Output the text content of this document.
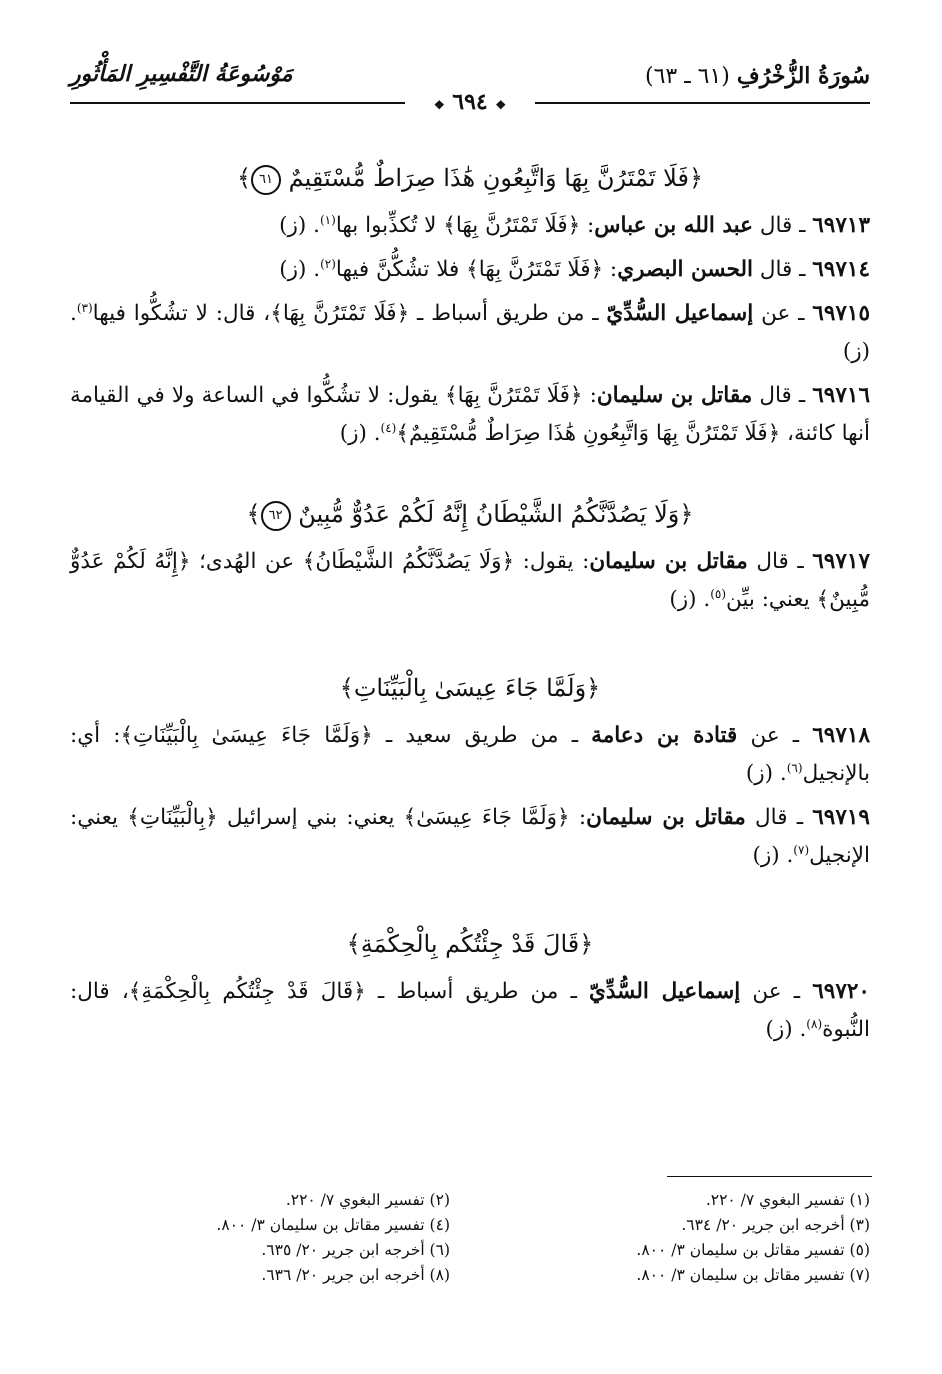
سُورَةُ الزُّخْرُفِ (٦١ ـ ٦٣)
مَوْسُوعَةُ التَّفْسِيرِ المَأْثُورِ
❖ ٦٩٤ ❖
﴿فَلَا تَمْتَرُنَّ بِهَا وَاتَّبِعُونِ هَٰذَا صِرَاطٌ مُّسْتَقِيمٌ ٦١﴾

٦٩٧١٣ ـ قال عبد الله بن عباس: ﴿فَلَا تَمْتَرُنَّ بِهَا﴾ لا تُكذِّبوا بها$^{(١)}$. (ز)

٦٩٧١٤ ـ قال الحسن البصري: ﴿فَلَا تَمْتَرُنَّ بِهَا﴾ فلا تشُكُّنَّ فيها$^{(٢)}$. (ز)

٦٩٧١٥ ـ عن إسماعيل السُّدِّيّ ـ من طريق أسباط ـ ﴿فَلَا تَمْتَرُنَّ بِهَا﴾، قال: لا تشُكُّوا فيها$^{(٣)}$. (ز)

٦٩٧١٦ ـ قال مقاتل بن سليمان: ﴿فَلَا تَمْتَرُنَّ بِهَا﴾ يقول: لا تشُكُّوا في الساعة ولا في القيامة أنها كائنة، ﴿فَلَا تَمْتَرُنَّ بِهَا وَاتَّبِعُونِ هَٰذَا صِرَاطٌ مُّسْتَقِيمٌ﴾$^{(٤)}$. (ز)

﴿وَلَا يَصُدَّنَّكُمُ الشَّيْطَانُ إِنَّهُ لَكُمْ عَدُوٌّ مُّبِينٌ ٦٢﴾

٦٩٧١٧ ـ قال مقاتل بن سليمان: يقول: ﴿وَلَا يَصُدَّنَّكُمُ الشَّيْطَانُ﴾ عن الهُدى؛ ﴿إِنَّهُ لَكُمْ عَدُوٌّ مُّبِينٌ﴾ يعني: بيِّن$^{(٥)}$. (ز)

﴿وَلَمَّا جَاءَ عِيسَىٰ بِالْبَيِّنَاتِ﴾

٦٩٧١٨ ـ عن قتادة بن دعامة ـ من طريق سعيد ـ ﴿وَلَمَّا جَاءَ عِيسَىٰ بِالْبَيِّنَاتِ﴾: أي: بالإنجيل$^{(٦)}$. (ز)

٦٩٧١٩ ـ قال مقاتل بن سليمان: ﴿وَلَمَّا جَاءَ عِيسَىٰ﴾ يعني: بني إسرائيل ﴿بِالْبَيِّنَاتِ﴾ يعني: الإنجيل$^{(٧)}$. (ز)

﴿قَالَ قَدْ جِئْتُكُم بِالْحِكْمَةِ﴾

٦٩٧٢٠ ـ عن إسماعيل السُّدِّيّ ـ من طريق أسباط ـ ﴿قَالَ قَدْ جِئْتُكُم بِالْحِكْمَةِ﴾، قال: النُّبوة$^{(٨)}$. (ز)

(١) تفسير البغوي ٧/ ٢٢٠.
(٣) أخرجه ابن جرير ٢٠/ ٦٣٤.
(٥) تفسير مقاتل بن سليمان ٣/ ٨٠٠.
(٧) تفسير مقاتل بن سليمان ٣/ ٨٠٠.
(٢) تفسير البغوي ٧/ ٢٢٠.
(٤) تفسير مقاتل بن سليمان ٣/ ٨٠٠.
(٦) أخرجه ابن جرير ٢٠/ ٦٣٥.
(٨) أخرجه ابن جرير ٢٠/ ٦٣٦.
